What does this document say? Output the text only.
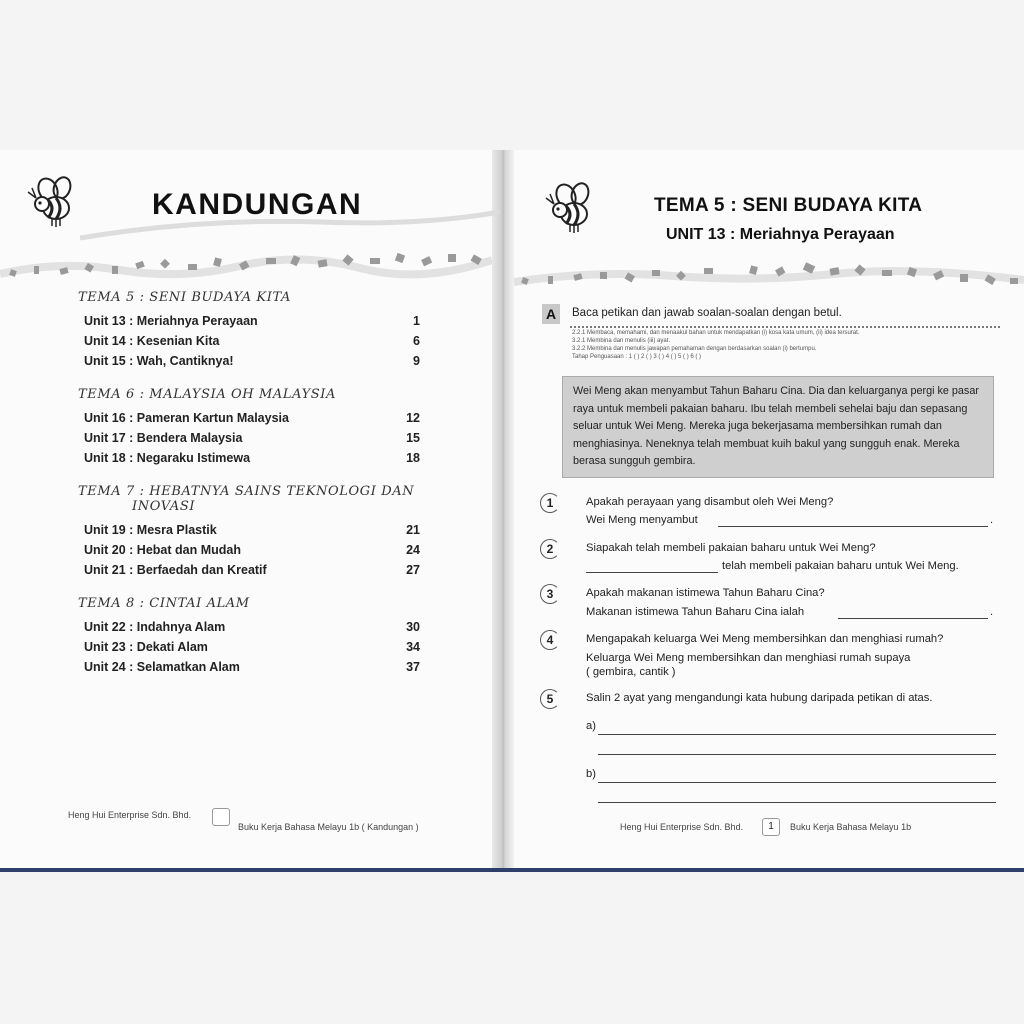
KANDUNGAN
TEMA 5 : SENI BUDAYA KITA
Unit 13 : Meriahnya Perayaan	1
Unit 14 : Kesenian Kita	6
Unit 15 : Wah, Cantiknya!	9
TEMA 6 : MALAYSIA OH MALAYSIA
Unit 16 : Pameran Kartun Malaysia	12
Unit 17 : Bendera Malaysia	15
Unit 18 : Negaraku Istimewa	18
TEMA 7 : HEBATNYA SAINS TEKNOLOGI DAN
INOVASI
Unit 19 : Mesra Plastik	21
Unit 20 : Hebat dan Mudah	24
Unit 21 : Berfaedah dan Kreatif	27
TEMA 8 : CINTAI ALAM
Unit 22 : Indahnya Alam	30
Unit 23 : Dekati Alam	34
Unit 24 : Selamatkan Alam	37
Heng Hui Enterprise Sdn. Bhd.
Buku Kerja Bahasa Melayu 1b ( Kandungan )
TEMA 5 : SENI BUDAYA KITA
UNIT 13 : Meriahnya Perayaan
A	Baca petikan dan jawab soalan-soalan dengan betul.
2.2.1 Membaca, memahami, dan menaakul bahan untuk mendapatkan (i) kosa kata umum, (ii) idea tersurat.
3.2.1 Membina dan menulis (iii) ayat.
3.2.2 Membina dan menulis jawapan pemahaman dengan berdasarkan soalan (i) bertumpu.
Tahap Penguasaan : 1 ( ) 2 ( ) 3 ( ) 4 ( ) 5 ( ) 6 ( )
Wei Meng akan menyambut Tahun Baharu Cina. Dia dan keluarganya pergi ke pasar raya untuk membeli pakaian baharu. Ibu telah membeli sehelai baju dan sepasang seluar untuk Wei Meng. Mereka juga bekerjasama membersihkan rumah dan menghiasinya. Neneknya telah membuat kuih bakul yang sungguh enak. Mereka berasa sungguh gembira.
1	Apakah perayaan yang disambut oleh Wei Meng?
Wei Meng menyambut	.
2	Siapakah telah membeli pakaian baharu untuk Wei Meng?
telah membeli pakaian baharu untuk Wei Meng.
3	Apakah makanan istimewa Tahun Baharu Cina?
Makanan istimewa Tahun Baharu Cina ialah	.
4	Mengapakah keluarga Wei Meng membersihkan dan menghiasi rumah?
Keluarga Wei Meng membersihkan dan menghiasi rumah supaya
( gembira, cantik )
5	Salin 2 ayat yang mengandungi kata hubung daripada petikan di atas.
a)
b)
Heng Hui Enterprise Sdn. Bhd.	1	Buku Kerja Bahasa Melayu 1b
